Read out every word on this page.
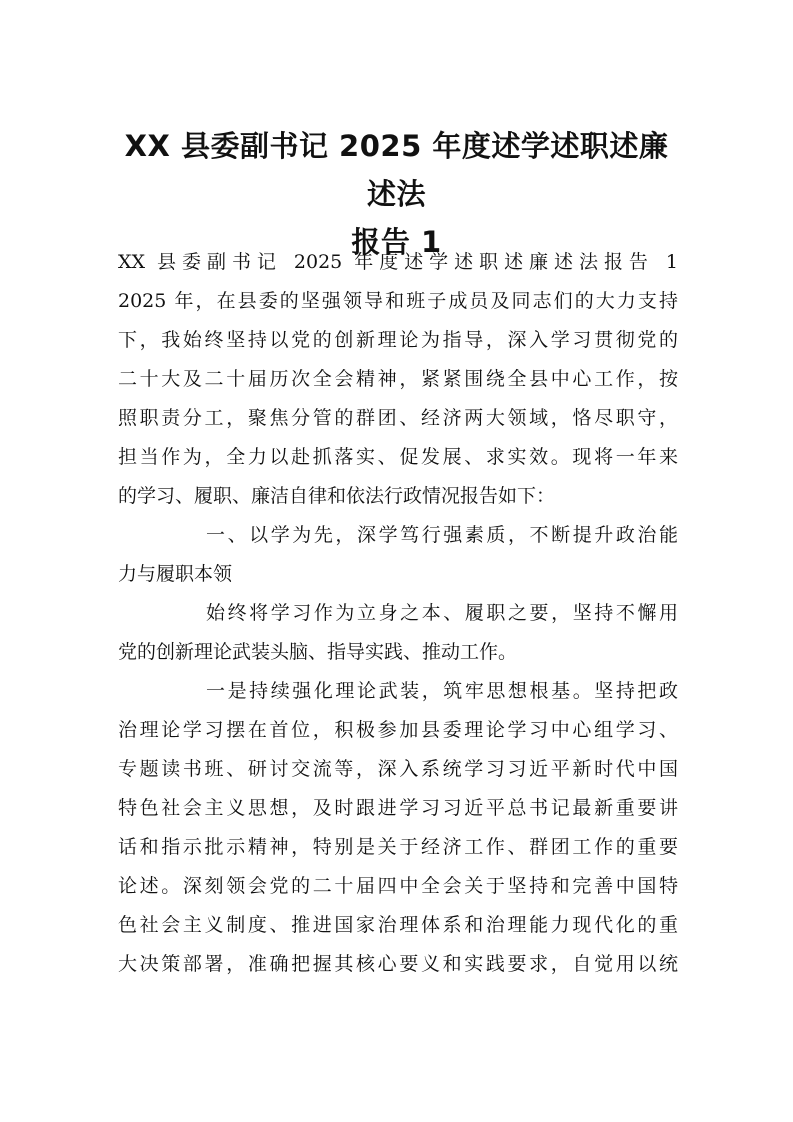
XX 县委副书记 2025 年度述学述职述廉述法
报告 1
XX 县委副书记 2025 年度述学述职述廉述法报告 1
2025 年，在县委的坚强领导和班子成员及同志们的大力支持
下，我始终坚持以党的创新理论为指导，深入学习贯彻党的
二十大及二十届历次全会精神，紧紧围绕全县中心工作，按
照职责分工，聚焦分管的群团、经济两大领域，恪尽职守，
担当作为，全力以赴抓落实、促发展、求实效。现将一年来
的学习、履职、廉洁自律和依法行政情况报告如下：
一、以学为先，深学笃行强素质，不断提升政治能
力与履职本领
始终将学习作为立身之本、履职之要，坚持不懈用
党的创新理论武装头脑、指导实践、推动工作。
一是持续强化理论武装，筑牢思想根基。坚持把政
治理论学习摆在首位，积极参加县委理论学习中心组学习、
专题读书班、研讨交流等，深入系统学习习近平新时代中国
特色社会主义思想，及时跟进学习习近平总书记最新重要讲
话和指示批示精神，特别是关于经济工作、群团工作的重要
论述。深刻领会党的二十届四中全会关于坚持和完善中国特
色社会主义制度、推进国家治理体系和治理能力现代化的重
大决策部署，准确把握其核心要义和实践要求，自觉用以统
